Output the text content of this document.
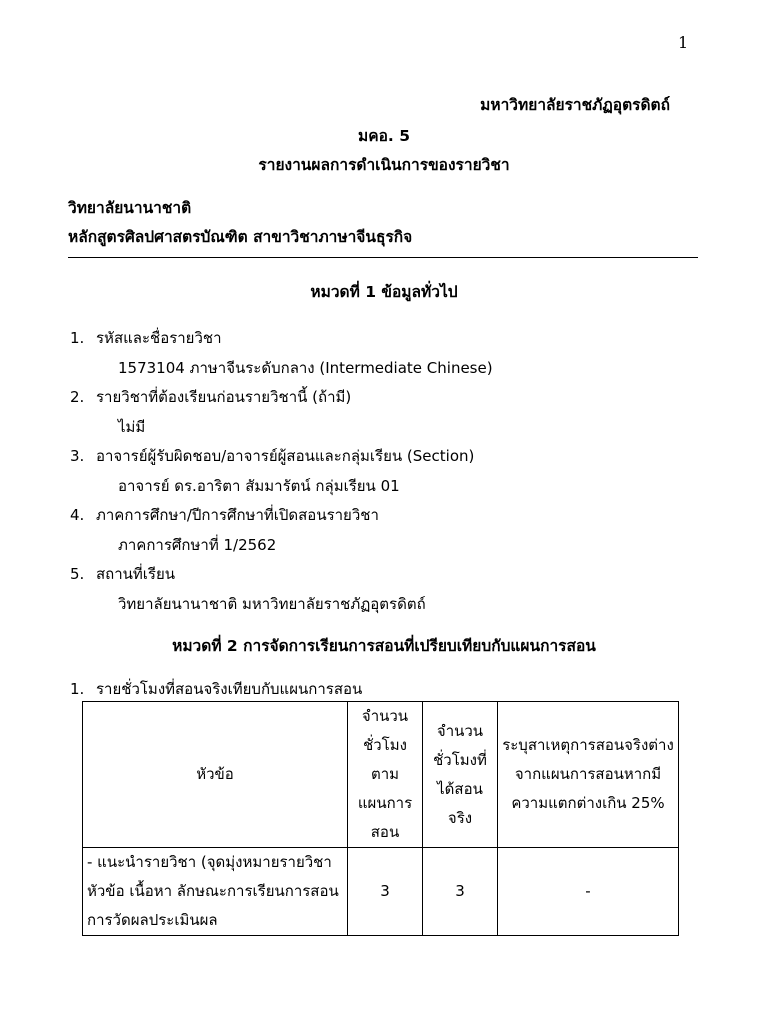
1
มหาวิทยาลัยราชภัฏอุตรดิตถ์
มคอ. 5
รายงานผลการดำเนินการของรายวิชา
วิทยาลัยนานาชาติ
หลักสูตรศิลปศาสตรบัณฑิต สาขาวิชาภาษาจีนธุรกิจ
หมวดที่ 1 ข้อมูลทั่วไป
1. รหัสและชื่อรายวิชา
1573104 ภาษาจีนระดับกลาง (Intermediate Chinese)
2. รายวิชาที่ต้องเรียนก่อนรายวิชานี้ (ถ้ามี)
ไม่มี
3. อาจารย์ผู้รับผิดชอบ/อาจารย์ผู้สอนและกลุ่มเรียน (Section)
อาจารย์ ดร.อาริตา สัมมารัตน์ กลุ่มเรียน 01
4. ภาคการศึกษา/ปีการศึกษาที่เปิดสอนรายวิชา
ภาคการศึกษาที่ 1/2562
5. สถานที่เรียน
วิทยาลัยนานาชาติ มหาวิทยาลัยราชภัฏอุตรดิตถ์
หมวดที่ 2 การจัดการเรียนการสอนที่เปรียบเทียบกับแผนการสอน
1. รายชั่วโมงที่สอนจริงเทียบกับแผนการสอน
หัวข้อ	จำนวนชั่วโมงตามแผนการสอน	จำนวนชั่วโมงที่ได้สอนจริง	ระบุสาเหตุการสอนจริงต่างจากแผนการสอนหากมีความแตกต่างเกิน 25%
- แนะนำรายวิชา (จุดมุ่งหมายรายวิชา หัวข้อ เนื้อหา ลักษณะการเรียนการสอน การวัดผลประเมินผล	3	3	-
